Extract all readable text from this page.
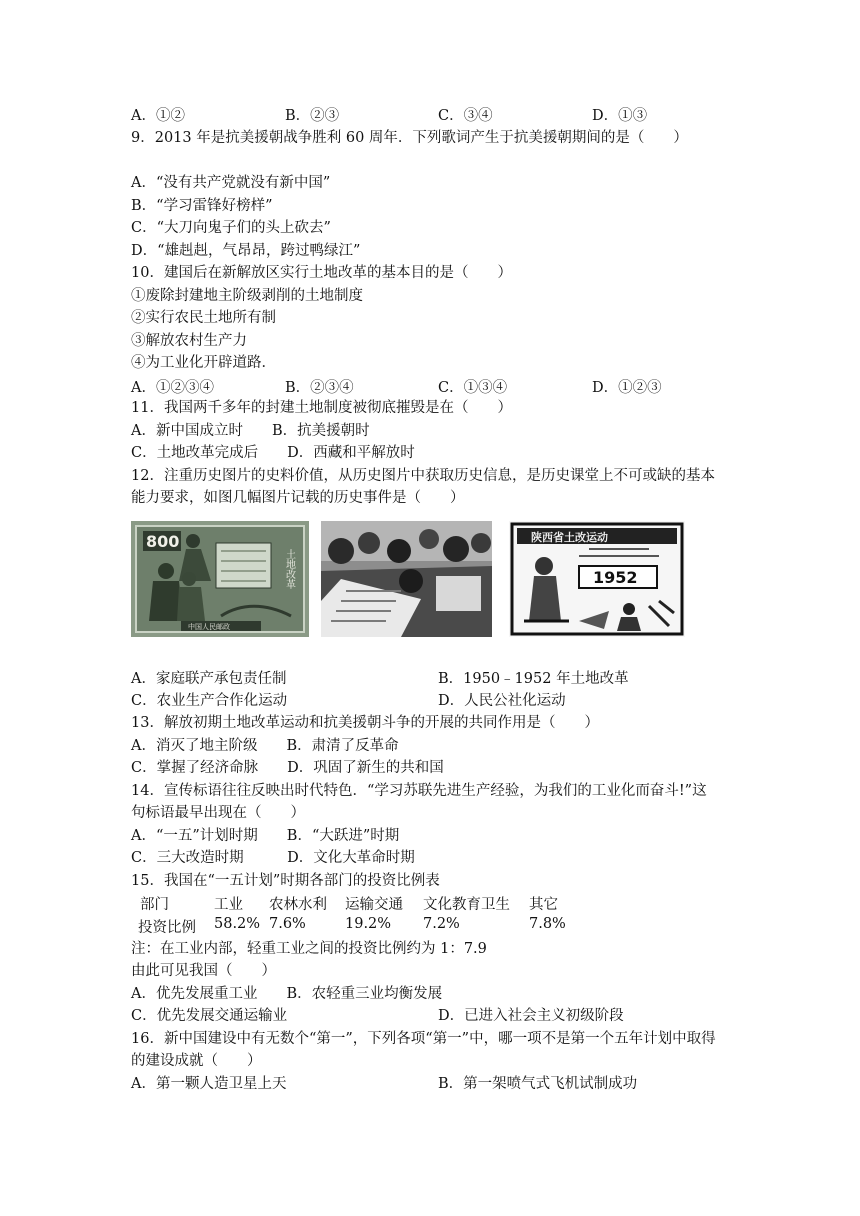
A．①②	B．②③	C．③④	D．①③
9．2013 年是抗美援朝战争胜利 60 周年．下列歌词产生于抗美援朝期间的是（　　）
A．“没有共产党就没有新中国”
B．“学习雷锋好榜样”
C．“大刀向鬼子们的头上砍去”
D．“雄赳赳，气昂昂，跨过鸭绿江”
10．建国后在新解放区实行土地改革的基本目的是（　　）
①废除封建地主阶级剥削的土地制度
②实行农民土地所有制
③解放农村生产力
④为工业化开辟道路．
A．①②③④	B．②③④	C．①③④	D．①②③
11．我国两千多年的封建土地制度被彻底摧毁是在（　　）
A．新中国成立时　　B．抗美援朝时
C．土地改革完成后　　D．西藏和平解放时
12．注重历史图片的史料价值，从历史图片中获取历史信息，是历史课堂上不可或缺的基本
能力要求，如图几幅图片记载的历史事件是（　　）
800
土地改革
中国人民邮政
陕西省土改运动
1952
A．家庭联产承包责任制	B．1950﹣1952 年土地改革
C．农业生产合作化运动	D．人民公社化运动
13．解放初期土地改革运动和抗美援朝斗争的开展的共同作用是（　　）
A．消灭了地主阶级　　B．肃清了反革命
C．掌握了经济命脉　　D．巩固了新生的共和国
14．宣传标语往往反映出时代特色．“学习苏联先进生产经验，为我们的工业化而奋斗!”这
句标语最早出现在（　　）
A．“一五”计划时期　　B．“大跃进”时期
C．三大改造时期　　　D．文化大革命时期
15．我国在“一五计划”时期各部门的投资比例表
部门	工业 农林水利 运输交通 文化教育卫生 其它
投资比例 58.2% 7.6%	19.2% 7.2%	7.8%
注：在工业内部，轻重工业之间的投资比例约为 1：7.9
由此可见我国（　　）
A．优先发展重工业　　B．农轻重三业均衡发展
C．优先发展交通运输业	D．已进入社会主义初级阶段
16．新中国建设中有无数个“第一”，下列各项“第一”中，哪一项不是第一个五年计划中取得
的建设成就（　　）
A．第一颗人造卫星上天	B．第一架喷气式飞机试制成功
